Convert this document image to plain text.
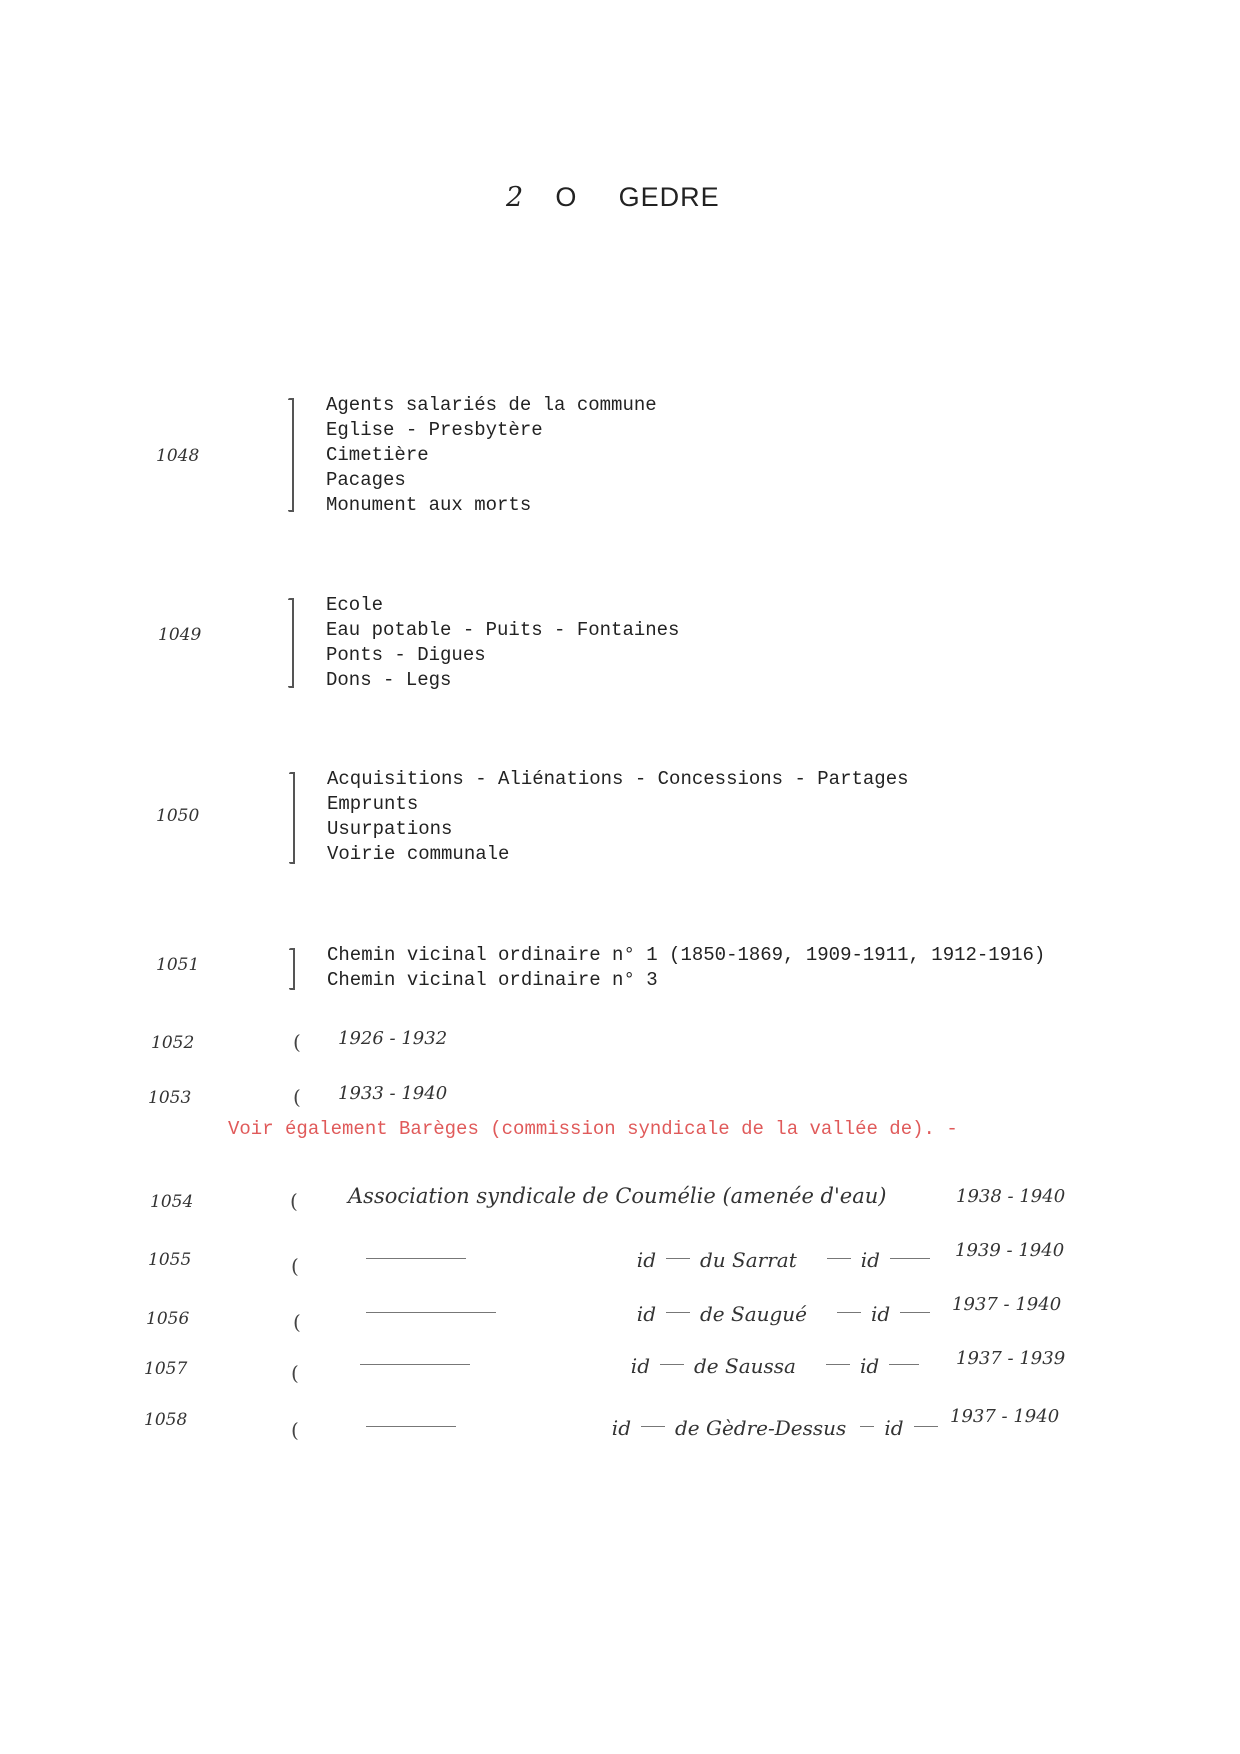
2 O GEDRE
1048
Agents salariés de la commune
Eglise - Presbytère
Cimetière
Pacages
Monument aux morts
1049
Ecole
Eau potable - Puits - Fontaines
Ponts - Digues
Dons - Legs
1050
Acquisitions - Aliénations - Concessions - Partages
Emprunts
Usurpations
Voirie communale
1051	Chemin vicinal ordinaire n° 1 (1850-1869, 1909-1911, 1912-1916)
Chemin vicinal ordinaire n° 3
1052	( 1926 - 1932
1053	( 1933 - 1940
Voir également Barèges (commission syndicale de la vallée de). -
1054	( Association syndicale de Coumélie (amenée d'eau)	1938 - 1940
1055	(	id du Sarrat	id	1939 - 1940
1056	(	id de Saugué	id	1937 - 1940
1057	(	id de Saussa	id	1937 - 1939
1058	(	id de Gèdre-Dessus id	1937 - 1940
